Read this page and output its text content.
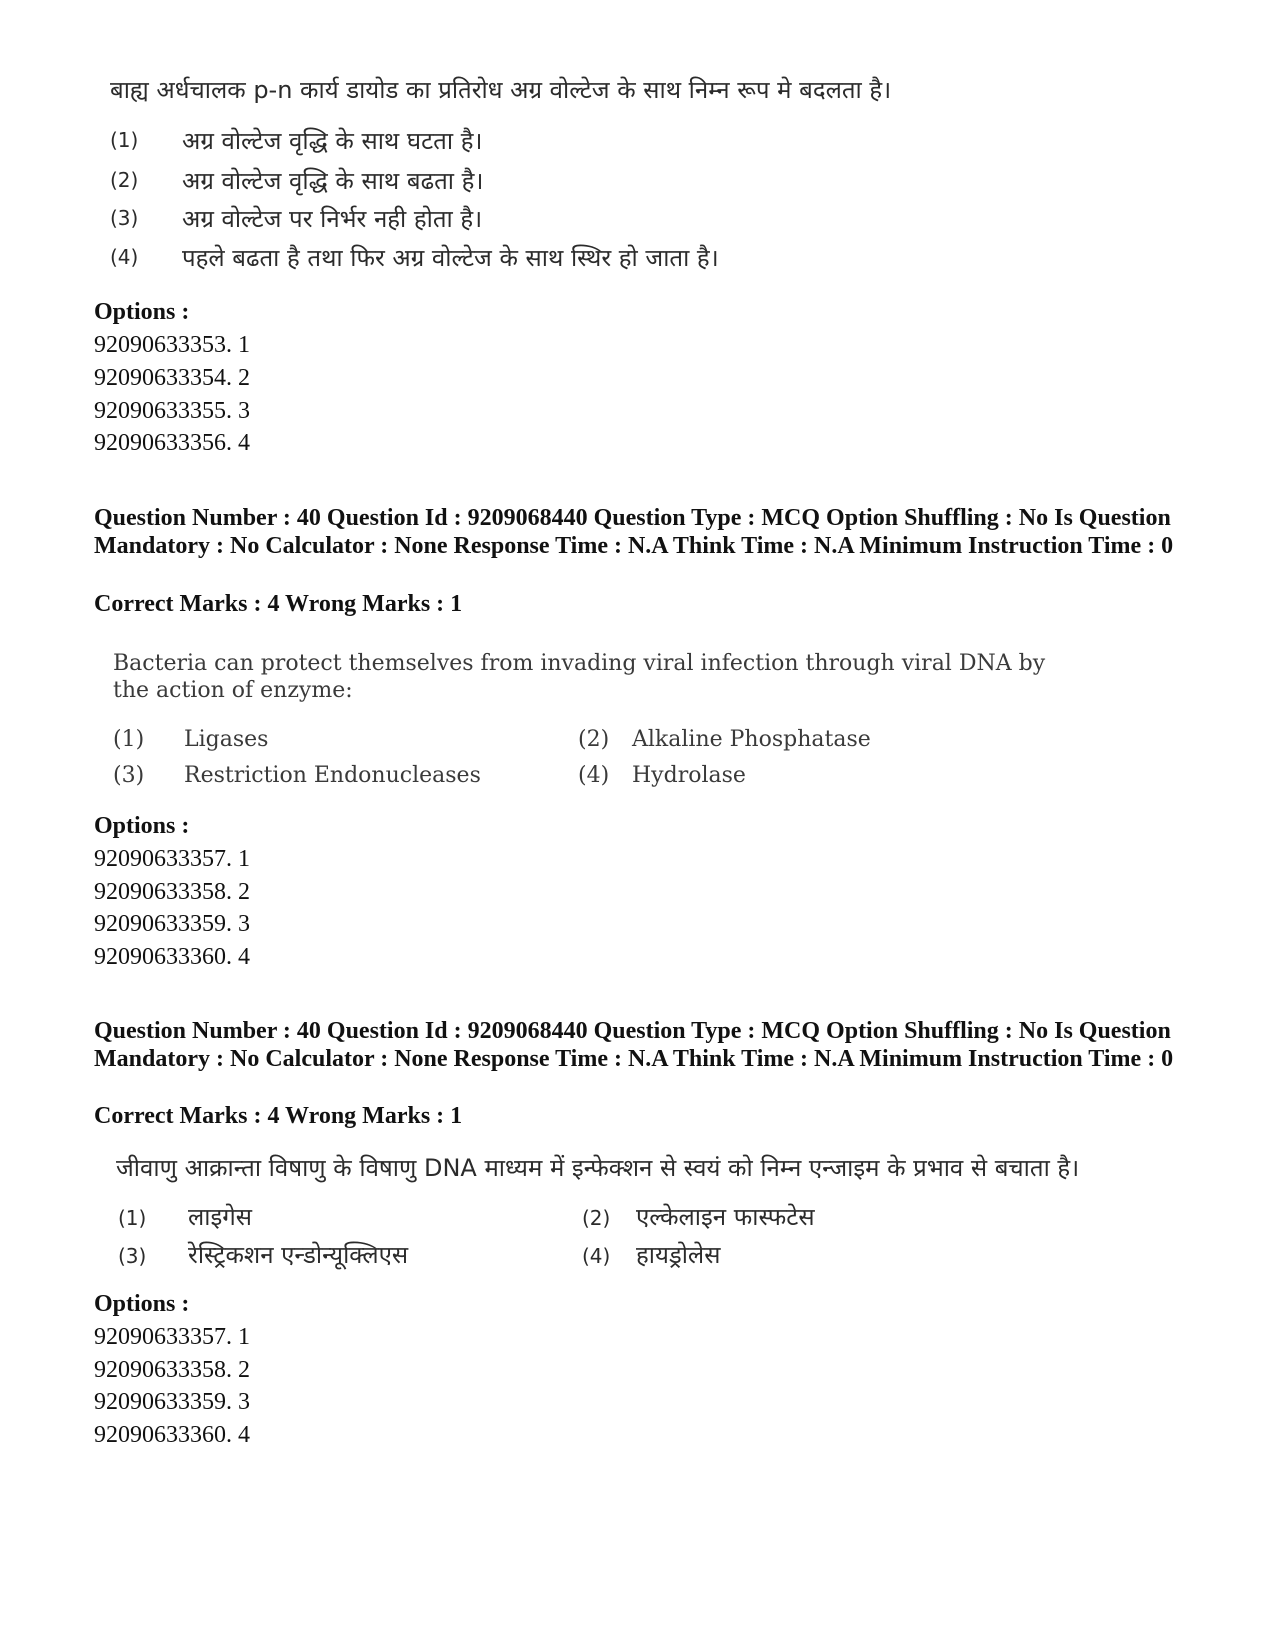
बाह्य अर्धचालक p-n कार्य डायोड का प्रतिरोध अग्र वोल्टेज के साथ निम्न रूप मे बदलता है।
(1) अग्र वोल्टेज वृद्धि के साथ घटता है।
(2) अग्र वोल्टेज वृद्धि के साथ बढता है।
(3) अग्र वोल्टेज पर निर्भर नही होता है।
(4) पहले बढता है तथा फिर अग्र वोल्टेज के साथ स्थिर हो जाता है।
Options :
92090633353. 1
92090633354. 2
92090633355. 3
92090633356. 4
Question Number : 40 Question Id : 9209068440 Question Type : MCQ Option Shuffling : No Is Question Mandatory : No Calculator : None Response Time : N.A Think Time : N.A Minimum Instruction Time : 0
Correct Marks : 4 Wrong Marks : 1
Bacteria can protect themselves from invading viral infection through viral DNA by the action of enzyme:
(1) Ligases	(2) Alkaline Phosphatase
(3) Restriction Endonucleases	(4) Hydrolase
Options :
92090633357. 1
92090633358. 2
92090633359. 3
92090633360. 4
Question Number : 40 Question Id : 9209068440 Question Type : MCQ Option Shuffling : No Is Question Mandatory : No Calculator : None Response Time : N.A Think Time : N.A Minimum Instruction Time : 0
Correct Marks : 4 Wrong Marks : 1
जीवाणु आक्रान्ता विषाणु के विषाणु DNA माध्यम में इन्फेक्शन से स्वयं को निम्न एन्जाइम के प्रभाव से बचाता है।
(1) लाइगेस	(2) एल्केलाइन फास्फटेस
(3) रेस्ट्रिकशन एन्डोन्यूक्लिएस	(4) हायड्रोलेस
Options :
92090633357. 1
92090633358. 2
92090633359. 3
92090633360. 4
